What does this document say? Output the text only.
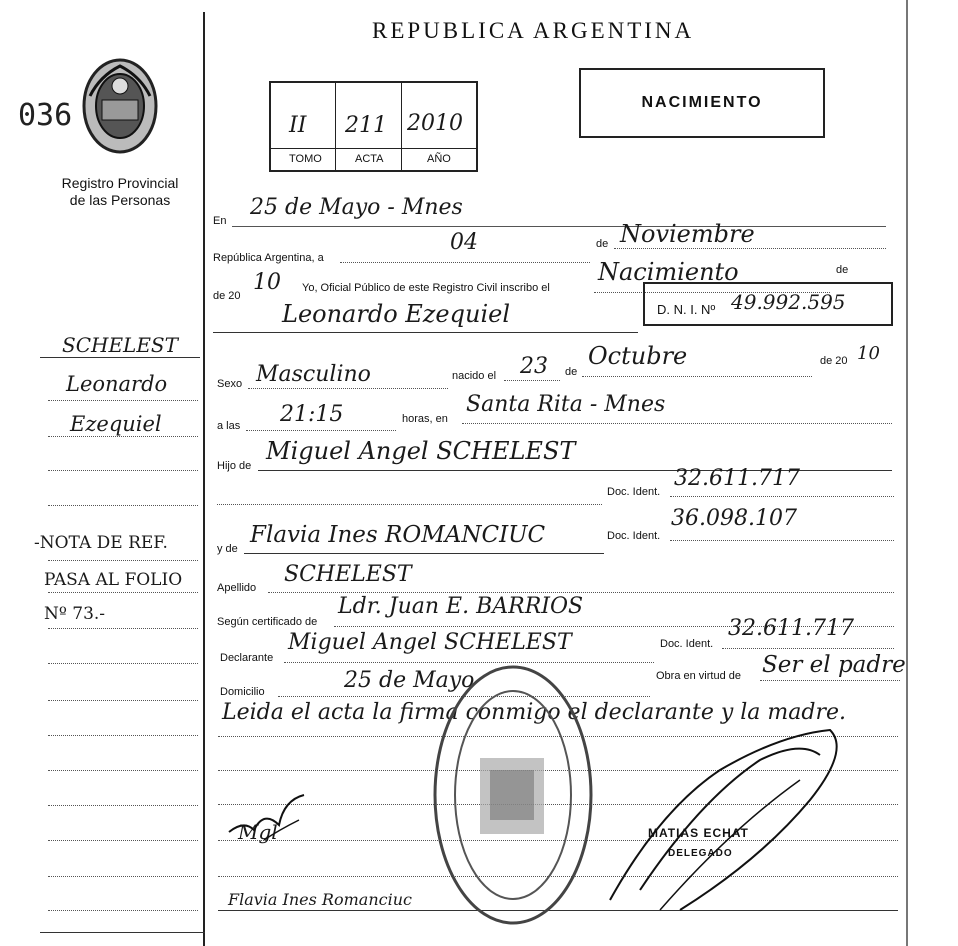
REPUBLICA ARGENTINA
036
Registro Provincial
de las Personas
II 211 2010
TOMO	ACTA	AÑO
NACIMIENTO
SCHELEST
Leonardo
Ezequiel
-NOTA DE REF.
PASA AL FOLIO
Nº 73.-
En
25 de Mayo - Mnes
República Argentina, a
04	de Noviembre
de 20
10 Yo, Oficial Público de este Registro Civil inscribo el
Nacimiento	de
Leonardo Ezequiel	D. N. I. Nº 49.992.595
Sexo Masculino	nacido el 23 de
Octubre	de 20 10
a las 21:15	horas, en
Santa Rita - Mnes
Hijo de
Miguel Angel SCHELEST
Doc. Ident.
32.611.717
y de
Flavia Ines ROMANCIUC	Doc. Ident.
36.098.107
Apellido
SCHELEST
Según certificado de
Ldr. Juan E. BARRIOS
Declarante
Miguel Angel SCHELEST	Doc. Ident.
32.611.717
Domicilio	25 de Mayo	Obra en virtud de Ser el padre
Leida el acta la firma conmigo el declarante y la madre.
Mgl
Flavia Ines Romanciuc
MATIAS ECHAT
DELEGADO
